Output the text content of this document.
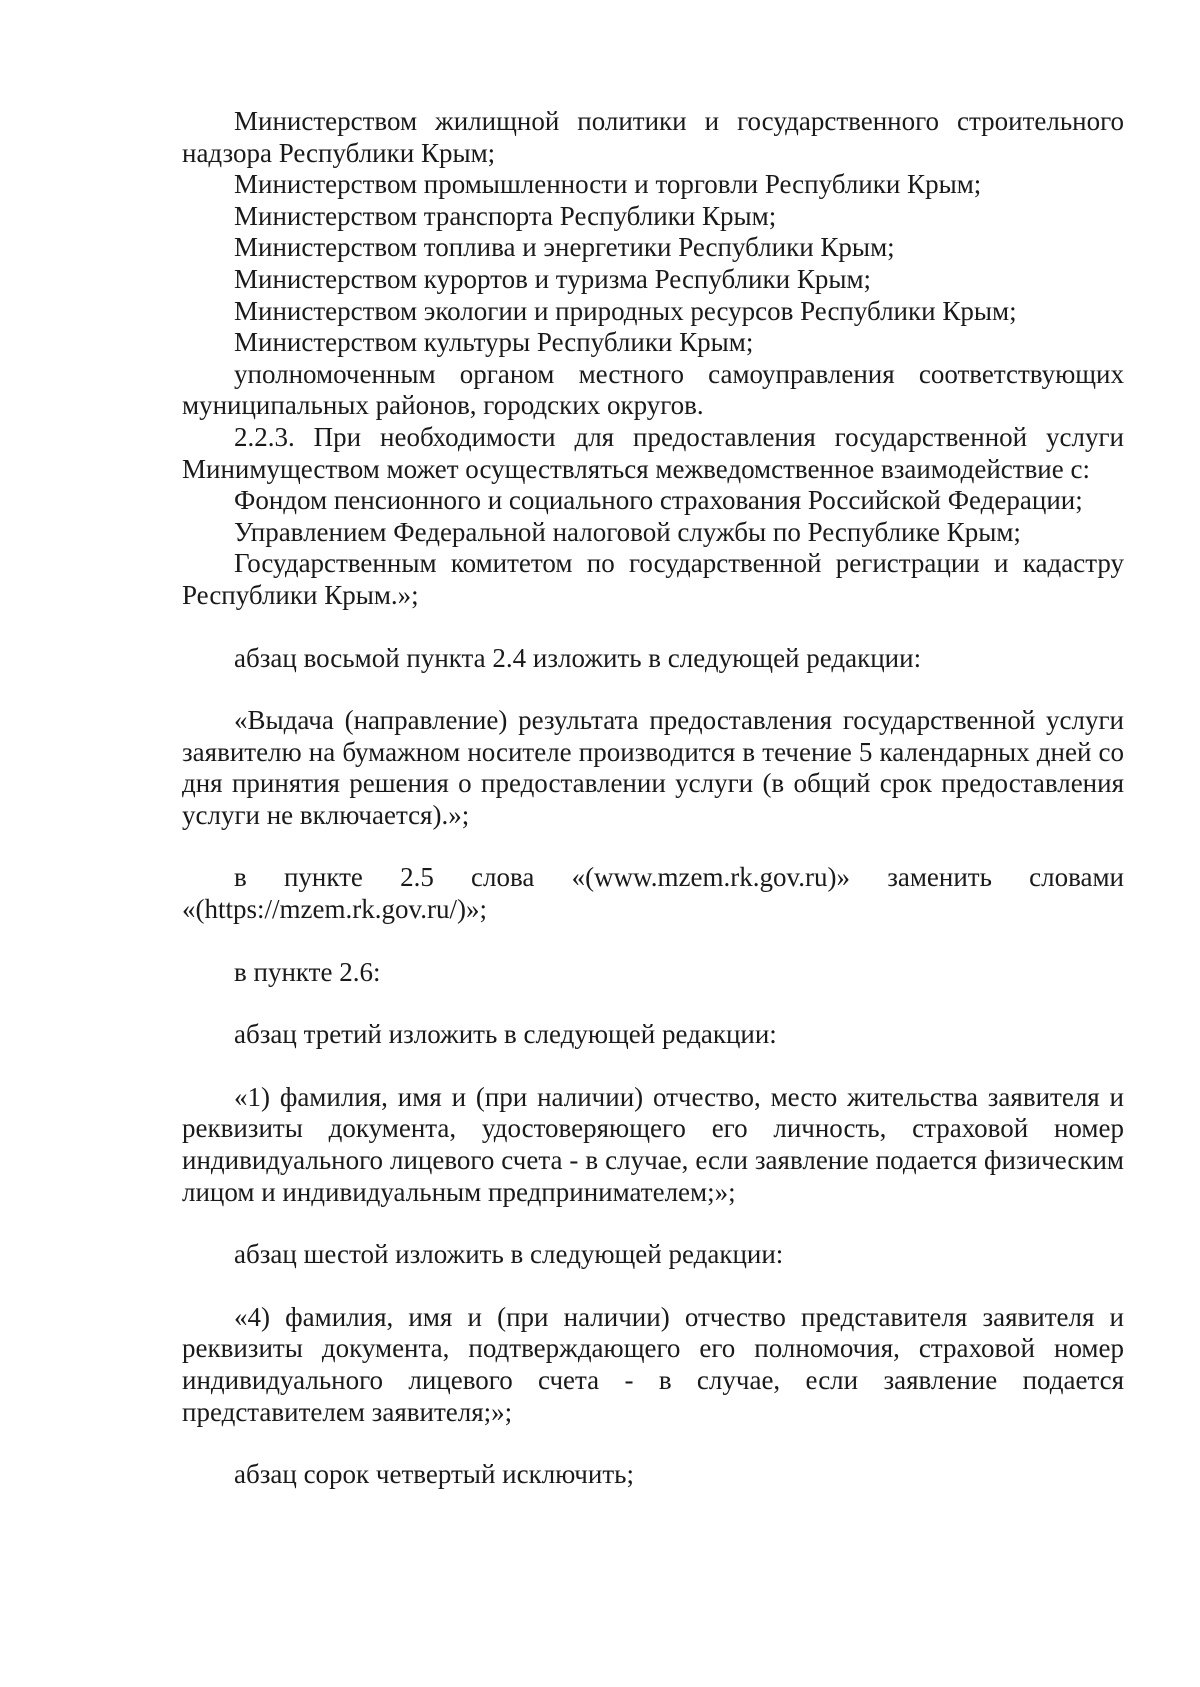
Министерством жилищной политики и государственного строительного надзора Республики Крым;

Министерством промышленности и торговли Республики Крым;

Министерством транспорта Республики Крым;

Министерством топлива и энергетики Республики Крым;

Министерством курортов и туризма Республики Крым;

Министерством экологии и природных ресурсов Республики Крым;

Министерством культуры Республики Крым;

уполномоченным органом местного самоуправления соответствующих муниципальных районов, городских округов.

2.2.3. При необходимости для предоставления государственной услуги Минимуществом может осуществляться межведомственное взаимодействие с:

Фондом пенсионного и социального страхования Российской Федерации;

Управлением Федеральной налоговой службы по Республике Крым;

Государственным комитетом по государственной регистрации и кадастру Республики Крым.»;

абзац восьмой пункта 2.4 изложить в следующей редакции:

«Выдача (направление) результата предоставления государственной услуги заявителю на бумажном носителе производится в течение 5 календарных дней со дня принятия решения о предоставлении услуги (в общий срок предоставления услуги не включается).»;

в пункте 2.5 слова «(www.mzem.rk.gov.ru)» заменить словами «(https://mzem.rk.gov.ru/)»;

в пункте 2.6:

абзац третий изложить в следующей редакции:

«1) фамилия, имя и (при наличии) отчество, место жительства заявителя и реквизиты документа, удостоверяющего его личность, страховой номер индивидуального лицевого счета - в случае, если заявление подается физическим лицом и индивидуальным предпринимателем;»;

абзац шестой изложить в следующей редакции:

«4) фамилия, имя и (при наличии) отчество представителя заявителя и реквизиты документа, подтверждающего его полномочия, страховой номер индивидуального лицевого счета - в случае, если заявление подается представителем заявителя;»;

абзац сорок четвертый исключить;
